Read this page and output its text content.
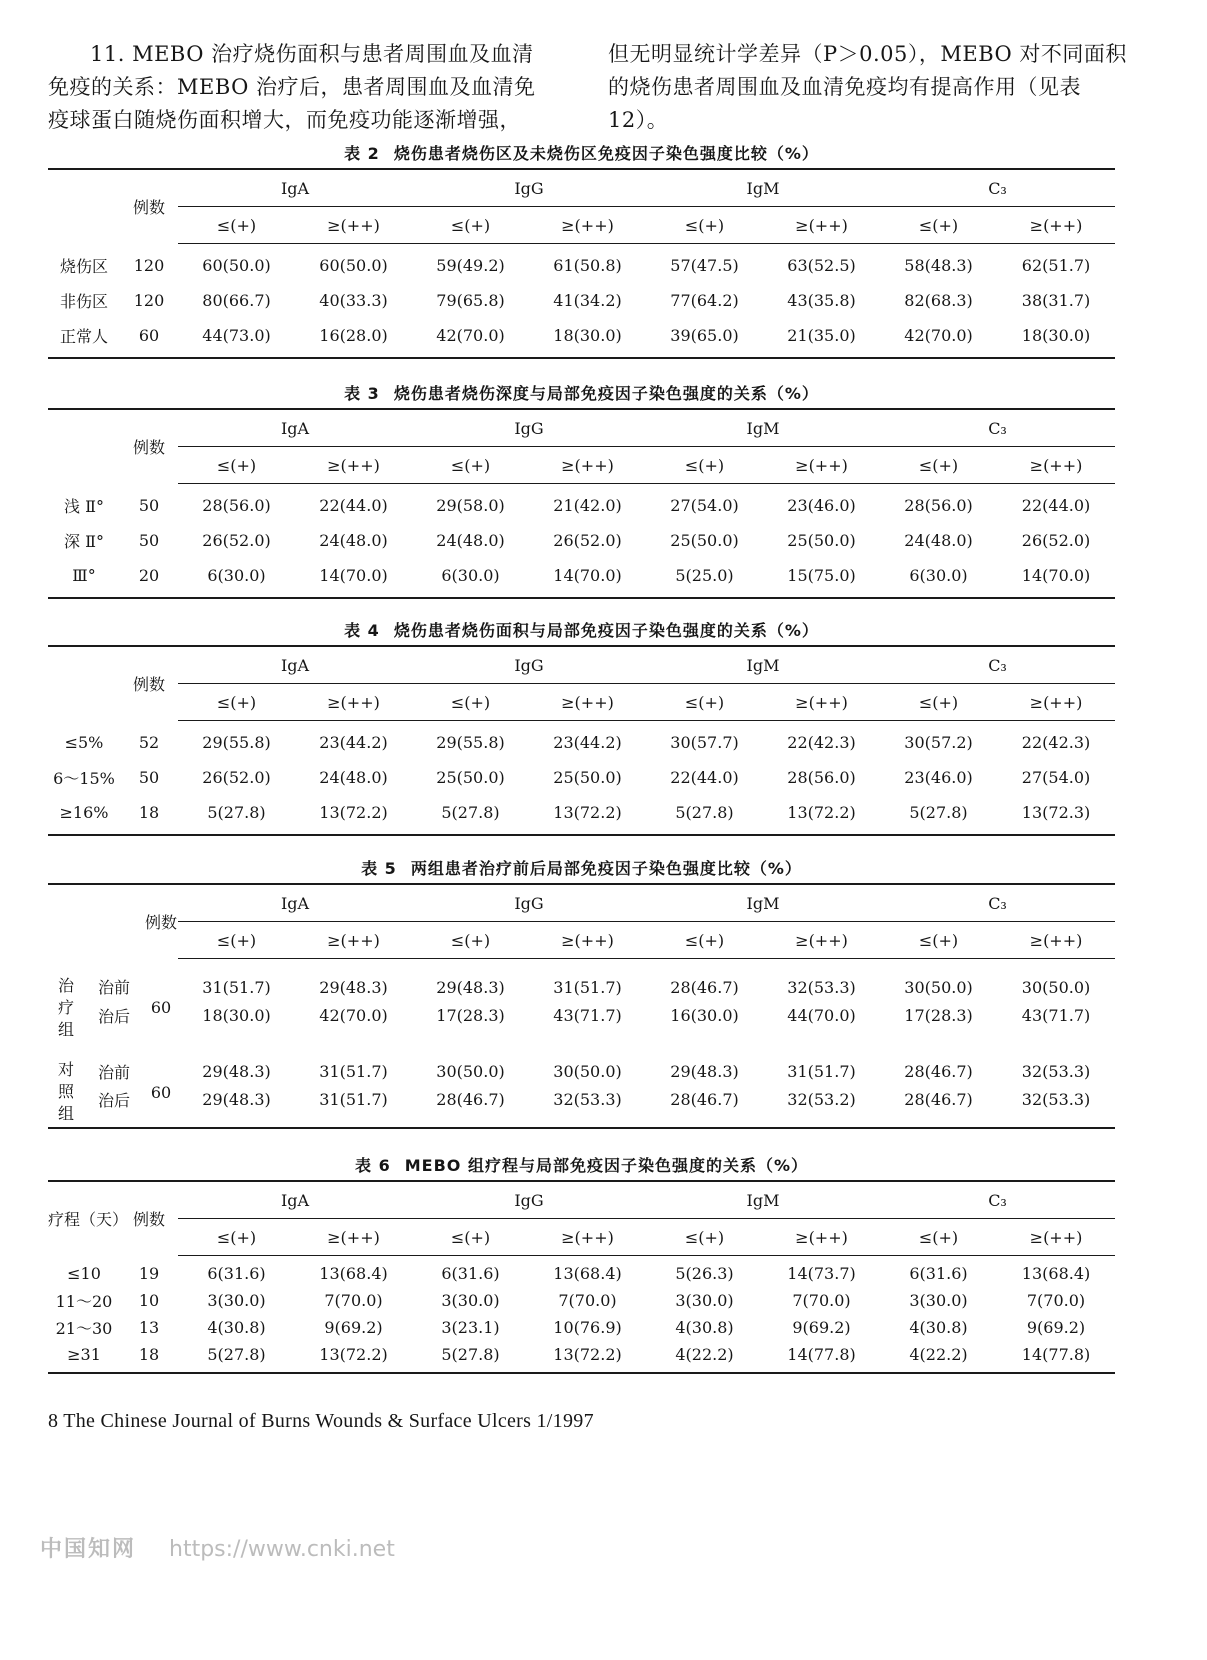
11. MEBO 治疗烧伤面积与患者周围血及血清免疫的关系：MEBO 治疗后，患者周围血及血清免疫球蛋白随烧伤面积增大，而免疫功能逐渐增强，

但无明显统计学差异（P＞0.05），MEBO 对不同面积的烧伤患者周围血及血清免疫均有提高作用（见表 12）。

表 2 烧伤患者烧伤区及未烧伤区免疫因子染色强度比较（%）
	例数	IgA		IgG		IgM		C₃	
		≤(+)	≥(++)	≤(+)	≥(++)	≤(+)	≥(++)	≤(+)	≥(++)
烧伤区	120	60(50.0)	60(50.0)	59(49.2)	61(50.8)	57(47.5)	63(52.5)	58(48.3)	62(51.7)
非伤区	120	80(66.7)	40(33.3)	79(65.8)	41(34.2)	77(64.2)	43(35.8)	82(68.3)	38(31.7)
正常人	60	44(73.0)	16(28.0)	42(70.0)	18(30.0)	39(65.0)	21(35.0)	42(70.0)	18(30.0)
表 3 烧伤患者烧伤深度与局部免疫因子染色强度的关系（%）
	例数	IgA		IgG		IgM		C₃	
		≤(+)	≥(++)	≤(+)	≥(++)	≤(+)	≥(++)	≤(+)	≥(++)
浅 Ⅱ°	50	28(56.0)	22(44.0)	29(58.0)	21(42.0)	27(54.0)	23(46.0)	28(56.0)	22(44.0)
深 Ⅱ°	50	26(52.0)	24(48.0)	24(48.0)	26(52.0)	25(50.0)	25(50.0)	24(48.0)	26(52.0)
Ⅲ°	20	6(30.0)	14(70.0)	6(30.0)	14(70.0)	5(25.0)	15(75.0)	6(30.0)	14(70.0)
表 4 烧伤患者烧伤面积与局部免疫因子染色强度的关系（%）
	例数	IgA		IgG		IgM		C₃	
		≤(+)	≥(++)	≤(+)	≥(++)	≤(+)	≥(++)	≤(+)	≥(++)
≤5%	52	29(55.8)	23(44.2)	29(55.8)	23(44.2)	30(57.7)	22(42.3)	30(57.2)	22(42.3)
6～15%	50	26(52.0)	24(48.0)	25(50.0)	25(50.0)	22(44.0)	28(56.0)	23(46.0)	27(54.0)
≥16%	18	5(27.8)	13(72.2)	5(27.8)	13(72.2)	5(27.8)	13(72.2)	5(27.8)	13(72.3)
表 5 两组患者治疗前后局部免疫因子染色强度比较（%）
		例数	IgA		IgG		IgM		C₃	
			≤(+)	≥(++)	≤(+)	≥(++)	≤(+)	≥(++)	≤(+)	≥(++)
治疗组	治前	60	31(51.7)	29(48.3)	29(48.3)	31(51.7)	28(46.7)	32(53.3)	30(50.0)	30(50.0)
	治后		18(30.0)	42(70.0)	17(28.3)	43(71.7)	16(30.0)	44(70.0)	17(28.3)	43(71.7)
对照组	治前	60	29(48.3)	31(51.7)	30(50.0)	30(50.0)	29(48.3)	31(51.7)	28(46.7)	32(53.3)
	治后		29(48.3)	31(51.7)	28(46.7)	32(53.3)	28(46.7)	32(53.2)	28(46.7)	32(53.3)
表 6 MEBO 组疗程与局部免疫因子染色强度的关系（%）
疗程（天）	例数	IgA		IgG		IgM		C₃	
		≤(+)	≥(++)	≤(+)	≥(++)	≤(+)	≥(++)	≤(+)	≥(++)
≤10	19	6(31.6)	13(68.4)	6(31.6)	13(68.4)	5(26.3)	14(73.7)	6(31.6)	13(68.4)
11～20	10	3(30.0)	7(70.0)	3(30.0)	7(70.0)	3(30.0)	7(70.0)	3(30.0)	7(70.0)
21～30	13	4(30.8)	9(69.2)	3(23.1)	10(76.9)	4(30.8)	9(69.2)	4(30.8)	9(69.2)
≥31	18	5(27.8)	13(72.2)	5(27.8)	13(72.2)	4(22.2)	14(77.8)	4(22.2)	14(77.8)
8 The Chinese Journal of Burns Wounds & Surface Ulcers 1/1997
中国知网 https://www.cnki.net
